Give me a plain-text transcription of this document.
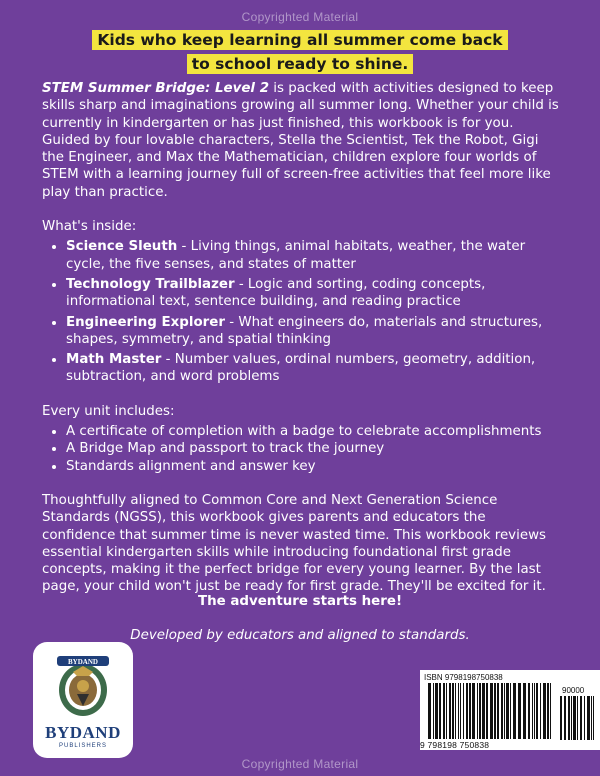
Copyrighted Material
Kids who keep learning all summer come back to school ready to shine.

STEM Summer Bridge: Level 2 is packed with activities designed to keep skills sharp and imaginations growing all summer long. Whether your child is currently in kindergarten or has just finished, this workbook is for you. Guided by four lovable characters, Stella the Scientist, Tek the Robot, Gigi the Engineer, and Max the Mathematician, children explore four worlds of STEM with a learning journey full of screen-free activities that feel more like play than practice.

What's inside:

• Science Sleuth - Living things, animal habitats, weather, the water cycle, the five senses, and states of matter
• Technology Trailblazer - Logic and sorting, coding concepts, informational text, sentence building, and reading practice
• Engineering Explorer - What engineers do, materials and structures, shapes, symmetry, and spatial thinking
• Math Master - Number values, ordinal numbers, geometry, addition, subtraction, and word problems

Every unit includes:

• A certificate of completion with a badge to celebrate accomplishments
• A Bridge Map and passport to track the journey
• Standards alignment and answer key

Thoughtfully aligned to Common Core and Next Generation Science Standards (NGSS), this workbook gives parents and educators the confidence that summer time is never wasted time. This workbook reviews essential kindergarten skills while introducing foundational first grade concepts, making it the perfect bridge for every young learner. By the last page, your child won't just be ready for first grade. They'll be excited for it.

The adventure starts here!
Developed by educators and aligned to standards.
BYDAND
BYDAND
PUBLISHERS
ISBN 9798198750838
90000
9 798198 750838
Copyrighted Material
